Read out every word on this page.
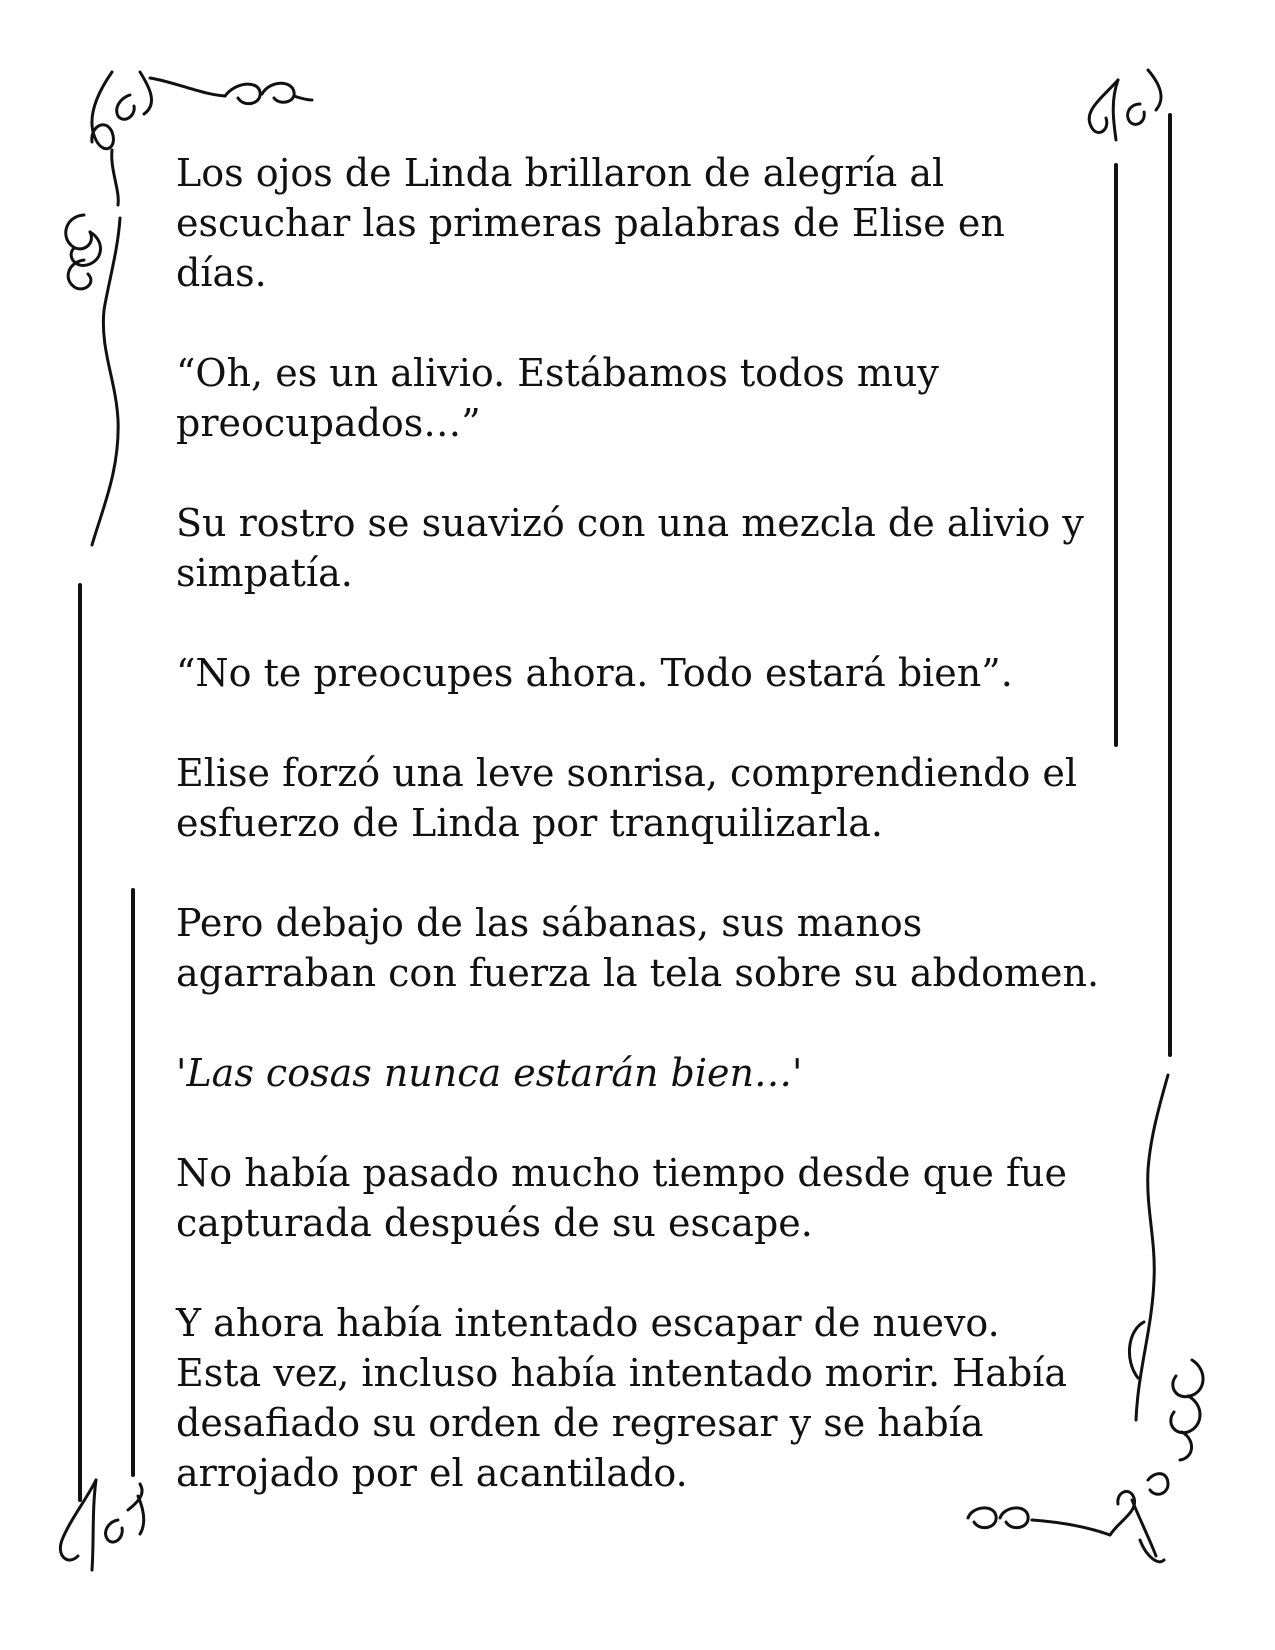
Los ojos de Linda brillaron de alegría al
escuchar las primeras palabras de Elise en
días.

“Oh, es un alivio. Estábamos todos muy
preocupados…”

Su rostro se suavizó con una mezcla de alivio y
simpatía.

“No te preocupes ahora. Todo estará bien”.

Elise forzó una leve sonrisa, comprendiendo el
esfuerzo de Linda por tranquilizarla.

Pero debajo de las sábanas, sus manos
agarraban con fuerza la tela sobre su abdomen.

'Las cosas nunca estarán bien…'

No había pasado mucho tiempo desde que fue
capturada después de su escape.

Y ahora había intentado escapar de nuevo.
Esta vez, incluso había intentado morir. Había
desafiado su orden de regresar y se había
arrojado por el acantilado.
